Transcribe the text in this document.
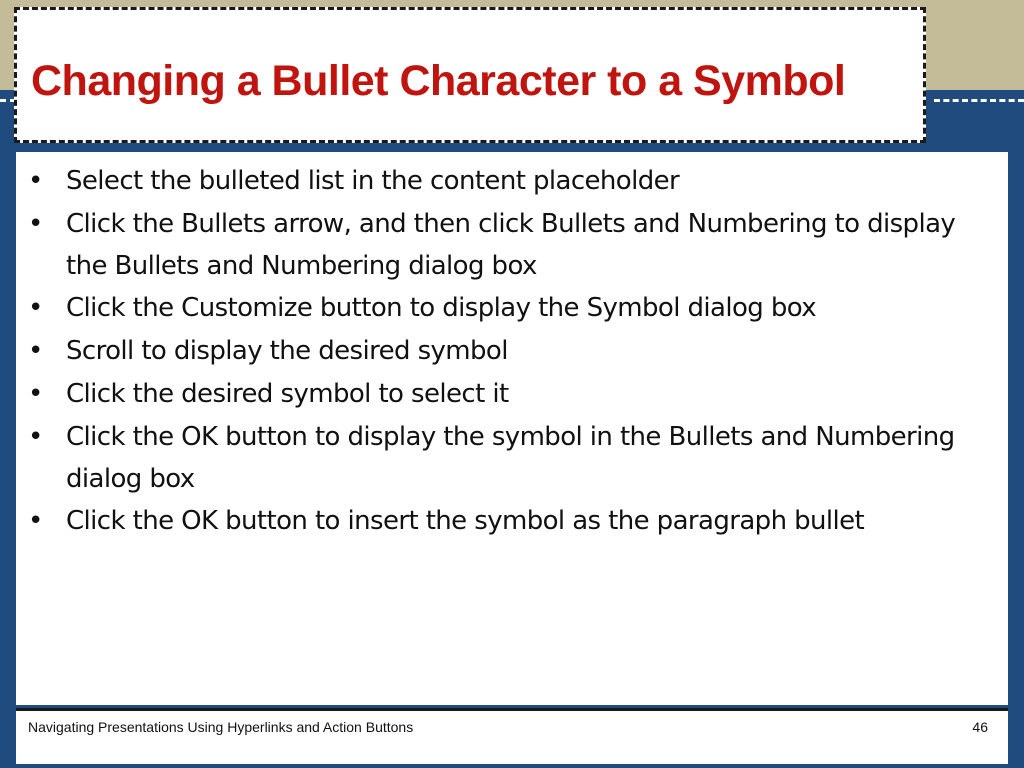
Changing a Bullet Character to a Symbol
• Select the bulleted list in the content placeholder
• Click the Bullets arrow, and then click Bullets and Numbering to display the Bullets and Numbering dialog box
• Click the Customize button to display the Symbol dialog box
• Scroll to display the desired symbol
• Click the desired symbol to select it
• Click the OK button to display the symbol in the Bullets and Numbering dialog box
• Click the OK button to insert the symbol as the paragraph bullet
Navigating Presentations Using Hyperlinks and Action Buttons	46
